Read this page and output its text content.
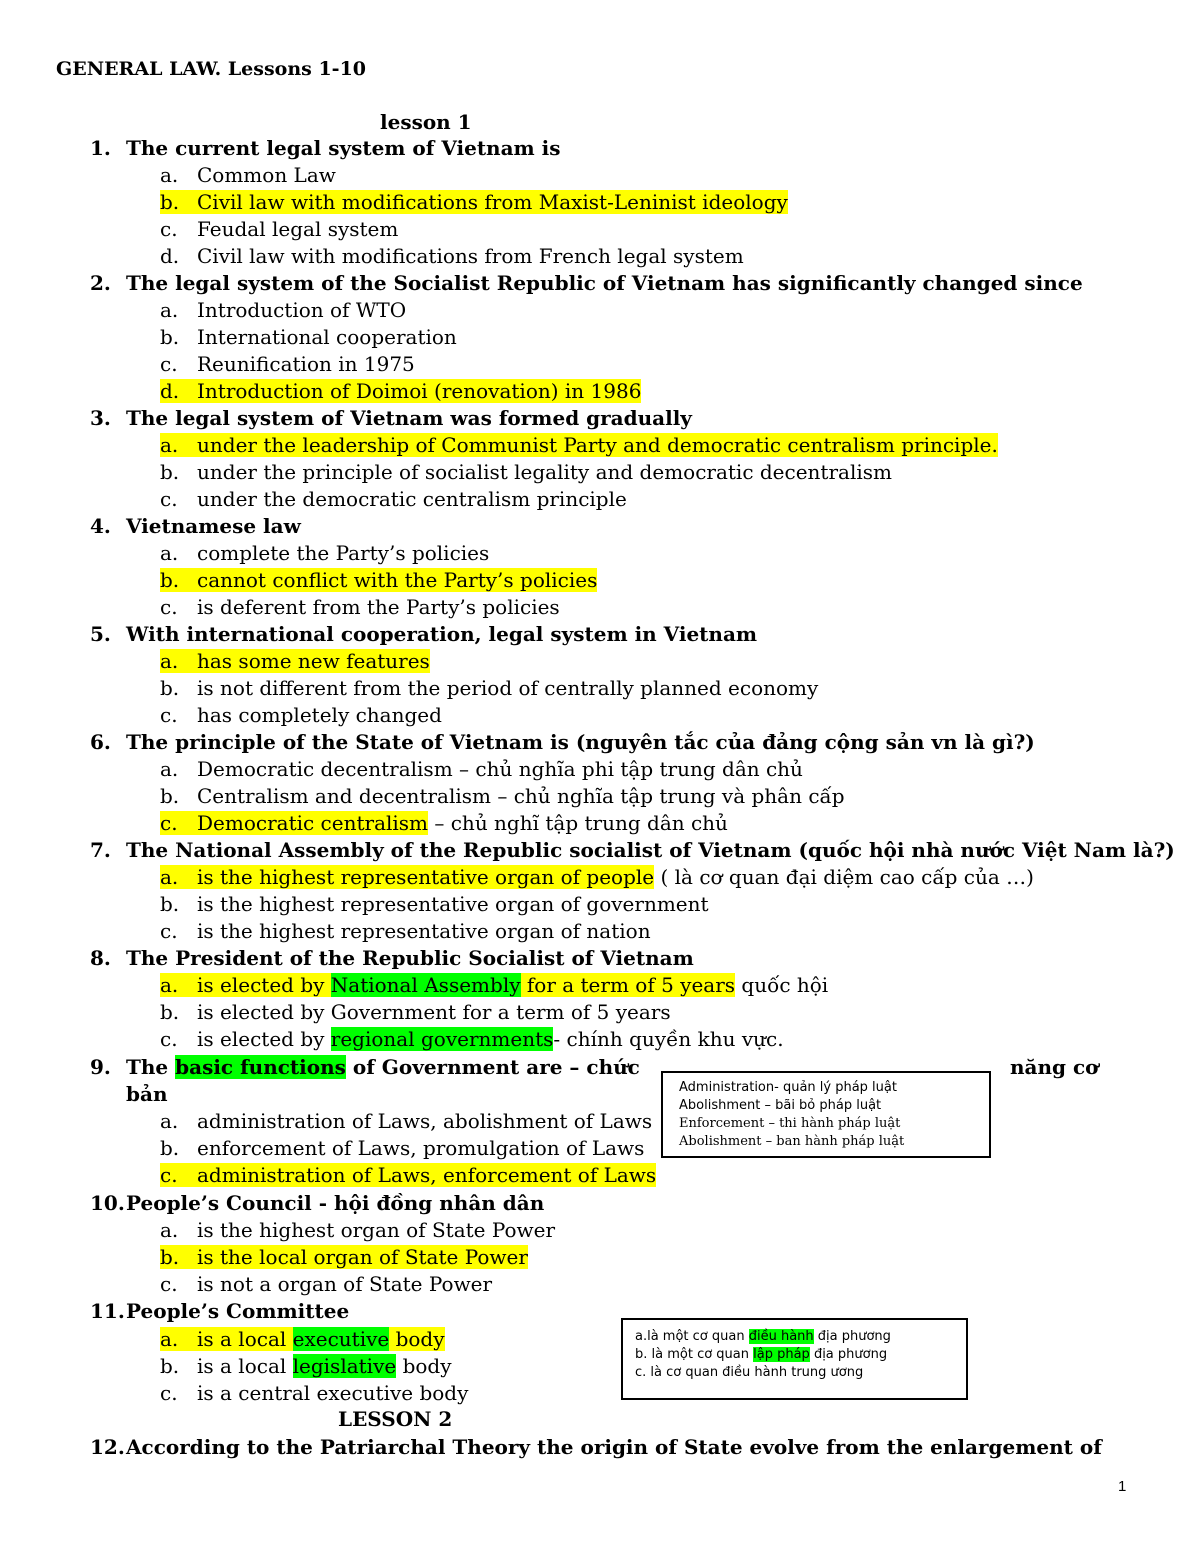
GENERAL LAW. Lessons 1-10
lesson 1
1. The current legal system of Vietnam is
a. Common Law
b. Civil law with modifications from Maxist-Leninist ideology
c. Feudal legal system
d. Civil law with modifications from French legal system
2. The legal system of the Socialist Republic of Vietnam has significantly changed since
a. Introduction of WTO
b. International cooperation
c. Reunification in 1975
d. Introduction of Doimoi (renovation) in 1986
3. The legal system of Vietnam was formed gradually
a. under the leadership of Communist Party and democratic centralism principle.
b. under the principle of socialist legality and democratic decentralism
c. under the democratic centralism principle
4. Vietnamese law
a. complete the Party’s policies
b. cannot conflict with the Party’s policies
c. is deferent from the Party’s policies
5. With international cooperation, legal system in Vietnam
a. has some new features
b. is not different from the period of centrally planned economy
c. has completely changed
6. The principle of the State of Vietnam is (nguyên tắc của đảng cộng sản vn là gì?)
a. Democratic decentralism – chủ nghĩa phi tập trung dân chủ
b. Centralism and decentralism – chủ nghĩa tập trung và phân cấp
c. Democratic centralism – chủ nghĩ tập trung dân chủ
7. The National Assembly of the Republic socialist of Vietnam (quốc hội nhà nước Việt Nam là?)
a. is the highest representative organ of people ( là cơ quan đại diệm cao cấp của …)
b. is the highest representative organ of government
c. is the highest representative organ of nation
8. The President of the Republic Socialist of Vietnam
a. is elected by National Assembly for a term of 5 years quốc hội
b. is elected by Government for a term of 5 years
c. is elected by regional governments- chính quyền khu vực.
9. The basic functions of Government are – chức	năng cơ
bản
a. administration of Laws, abolishment of Laws
b. enforcement of Laws, promulgation of Laws
c. administration of Laws, enforcement of Laws
Administration- quản lý pháp luật
Abolishment – bãi bỏ pháp luật
Enforcement – thi hành pháp luật
Abolishment – ban hành pháp luật
10.People’s Council - hội đồng nhân dân
a. is the highest organ of State Power
b. is the local organ of State Power
c. is not a organ of State Power
11.People’s Committee
a. is a local executive body
b. is a local legislative body
c. is a central executive body
a.là một cơ quan điều hành địa phương
b. là một cơ quan lập pháp địa phương
c. là cơ quan điều hành trung ương
LESSON 2
12.According to the Patriarchal Theory the origin of State evolve from the enlargement of
1
